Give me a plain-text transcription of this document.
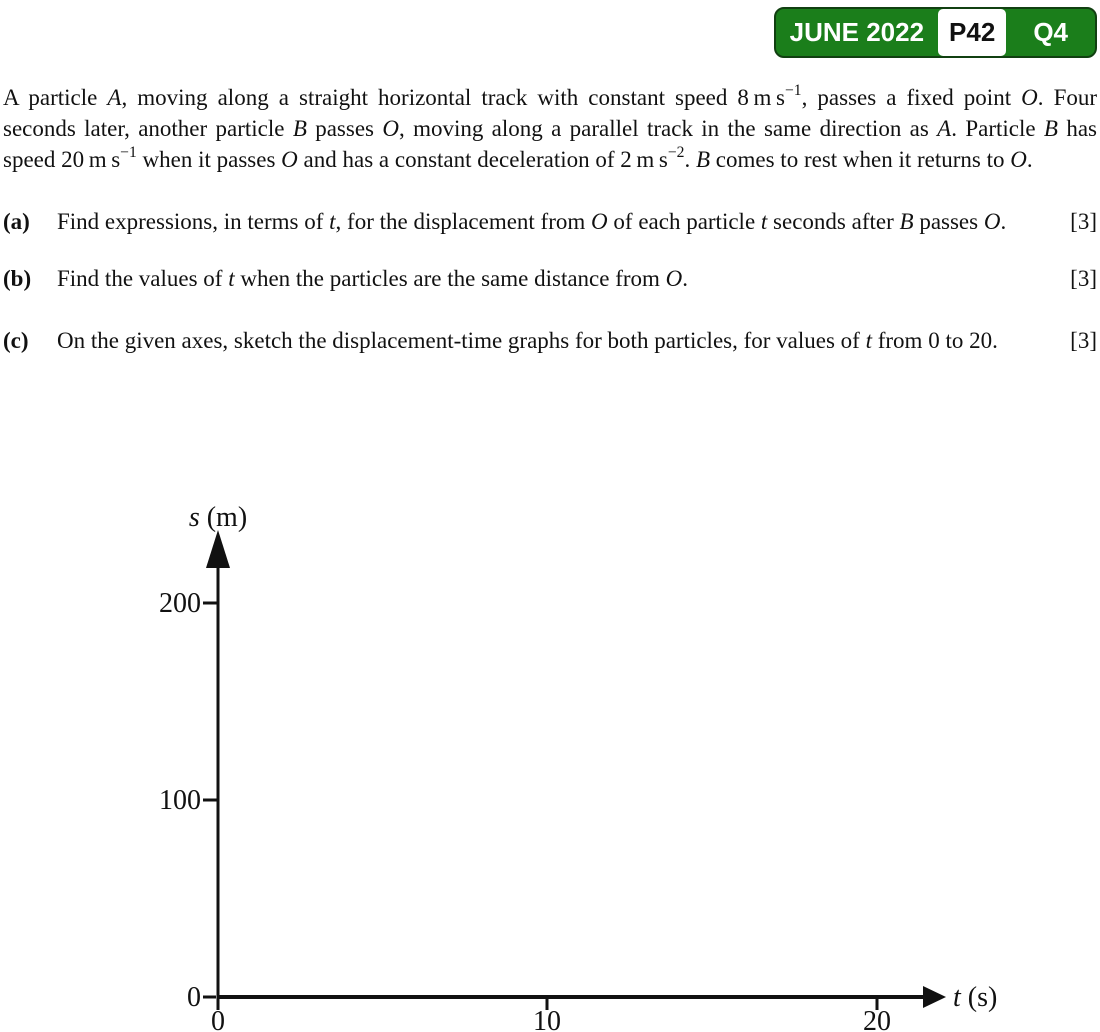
JUNE 2022 P42	Q4

A particle A, moving along a straight horizontal track with constant speed 8 m $s^{-1}$, passes a fixed point O. Four seconds later, another particle B passes O, moving along a parallel track in the same direction as A. Particle B has speed 20 m $s^{-1}$ when it passes O and has a constant deceleration of 2 m $s^{-2}$. B comes to rest when it returns to O.

(a) Find expressions, in terms of t, for the displacement from O of each particle t seconds after B passes O.	[3]
(b) Find the values of t when the particles are the same distance from O.	[3]
(c) On the given axes, sketch the displacement-time graphs for both particles, for values of t from 0 to 20.	[3]
200
100
0
0	10	20
s (m)
t (s)
